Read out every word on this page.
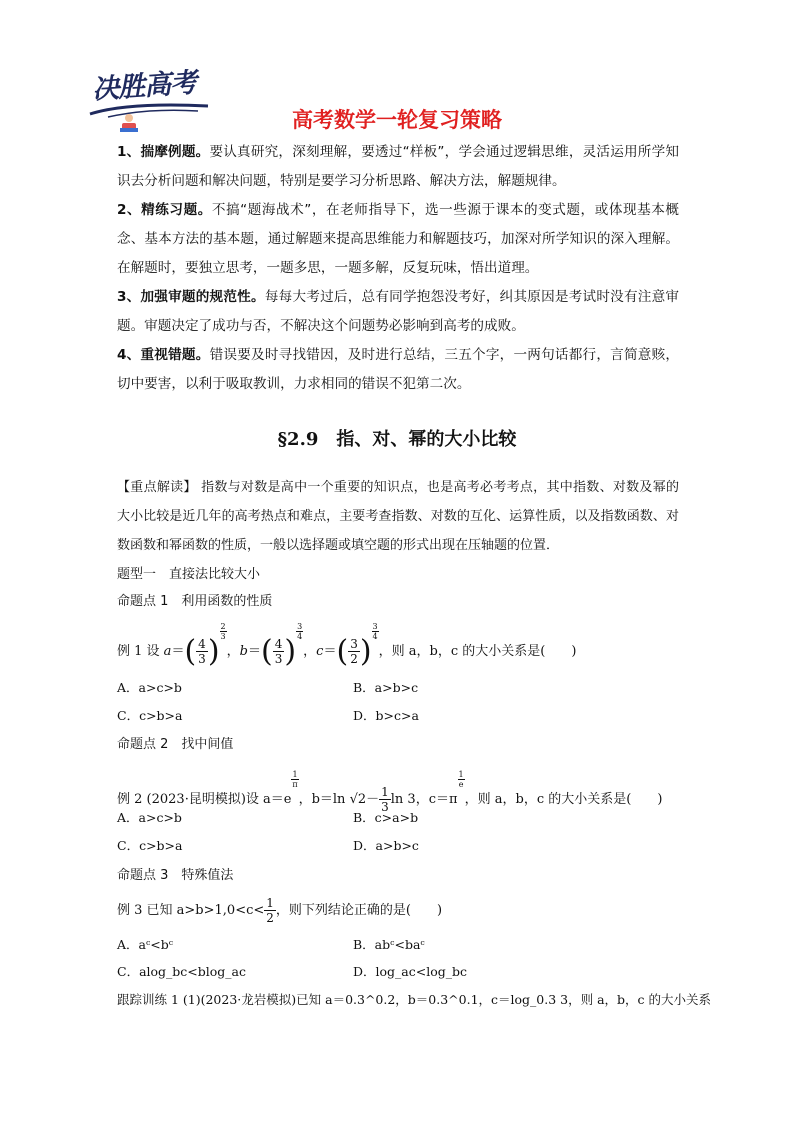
决胜高考
高考数学一轮复习策略

1、揣摩例题。要认真研究，深刻理解，要透过“样板”，学会通过逻辑思维，灵活运用所学知识去分析问题和解决问题，特别是要学习分析思路、解决方法，解题规律。

2、精练习题。不搞“题海战术”，在老师指导下，选一些源于课本的变式题，或体现基本概念、基本方法的基本题，通过解题来提高思维能力和解题技巧，加深对所学知识的深入理解。在解题时，要独立思考，一题多思，一题多解，反复玩味，悟出道理。

3、加强审题的规范性。每每大考过后，总有同学抱怨没考好，纠其原因是考试时没有注意审题。审题决定了成功与否，不解决这个问题势必影响到高考的成败。

4、重视错题。错误要及时寻找错因，及时进行总结，三五个字，一两句话都行，言简意赅，切中要害，以利于吸取教训，力求相同的错误不犯第二次。

§2.9　指、对、幂的大小比较

【重点解读】 指数与对数是高中一个重要的知识点，也是高考必考考点，其中指数、对数及幂的大小比较是近几年的高考热点和难点，主要考查指数、对数的互化、运算性质，以及指数函数、对数函数和幂函数的性质，一般以选择题或填空题的形式出现在压轴题的位置．

题型一　直接法比较大小

命题点 1　利用函数的性质

例 1 设 $a=( \frac{4}{3}$ )
$\frac{2}{3}$，$b=( \frac{4}{3}$ )
$\frac{3}{4}$，$c=( \frac{3}{2}$ )
$\frac{3}{4}$，则 a，b，c 的大小关系是(　　)
A．a>c>b	B．a>b>c
C．c>b>a	D．b>c>a

命题点 2　找中间值

例 2 (2023·昆明模拟)设 a＝e
$\frac{1}{\pi}$，b＝ln $√2- \frac{1}{3}$ ln 3，c＝π
$\frac{1}{e}$，则 a，b，c 的大小关系是(　　)
A．a>c>b	B．c>a>b
C．c>b>a	D．a>b>c

命题点 3　特殊值法

例 3 已知 $a>b>1,0<c< \frac{1}{2}$ ，则下列结论正确的是(　　)
A．aᶜ<bᶜ	B．abᶜ<baᶜ
C．alog_bc<blog_ac	D．log_ac<log_bc

跟踪训练 1 (1)(2023·龙岩模拟)已知 a＝0.3^0.2，b＝0.3^0.1，c＝log_0.3 3，则 a，b，c 的大小关系
